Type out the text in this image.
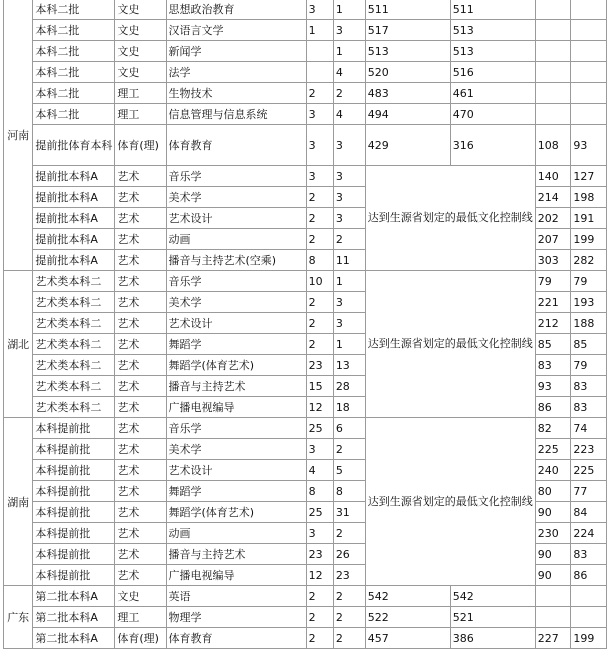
河南	本科二批	文史	思想政治教育	3	1	511	511		
	本科二批	文史	汉语言文学	1	3	517	513		
	本科二批	文史	新闻学		1	513	513		
	本科二批	文史	法学		4	520	516		
	本科二批	理工	生物技术	2	2	483	461		
	本科二批	理工	信息管理与信息系统	3	4	494	470		
	提前批体育本科	体育(理)	体育教育	3	3	429	316	108	93
	提前批本科A	艺术	音乐学	3	3	达到生源省划定的最低文化控制线		140	127
	提前批本科A	艺术	美术学	2	3			214	198
	提前批本科A	艺术	艺术设计	2	3			202	191
	提前批本科A	艺术	动画	2	2			207	199
	提前批本科A	艺术	播音与主持艺术(空乘)	8	11			303	282
湖北	艺术类本科二	艺术	音乐学	10	1	达到生源省划定的最低文化控制线		79	79
	艺术类本科二	艺术	美术学	2	3			221	193
	艺术类本科二	艺术	艺术设计	2	3			212	188
	艺术类本科二	艺术	舞蹈学	2	1			85	85
	艺术类本科二	艺术	舞蹈学(体育艺术)	23	13			83	79
	艺术类本科二	艺术	播音与主持艺术	15	28			93	83
	艺术类本科二	艺术	广播电视编导	12	18			86	83
湖南	本科提前批	艺术	音乐学	25	6	达到生源省划定的最低文化控制线		82	74
	本科提前批	艺术	美术学	3	2			225	223
	本科提前批	艺术	艺术设计	4	5			240	225
	本科提前批	艺术	舞蹈学	8	8			80	77
	本科提前批	艺术	舞蹈学(体育艺术)	25	31			90	84
	本科提前批	艺术	动画	3	2			230	224
	本科提前批	艺术	播音与主持艺术	23	26			90	83
	本科提前批	艺术	广播电视编导	12	23			90	86
广东	第二批本科A	文史	英语	2	2	542	542		
	第二批本科A	理工	物理学	2	2	522	521		
	第二批本科A	体育(理)	体育教育	2	2	457	386	227	199
